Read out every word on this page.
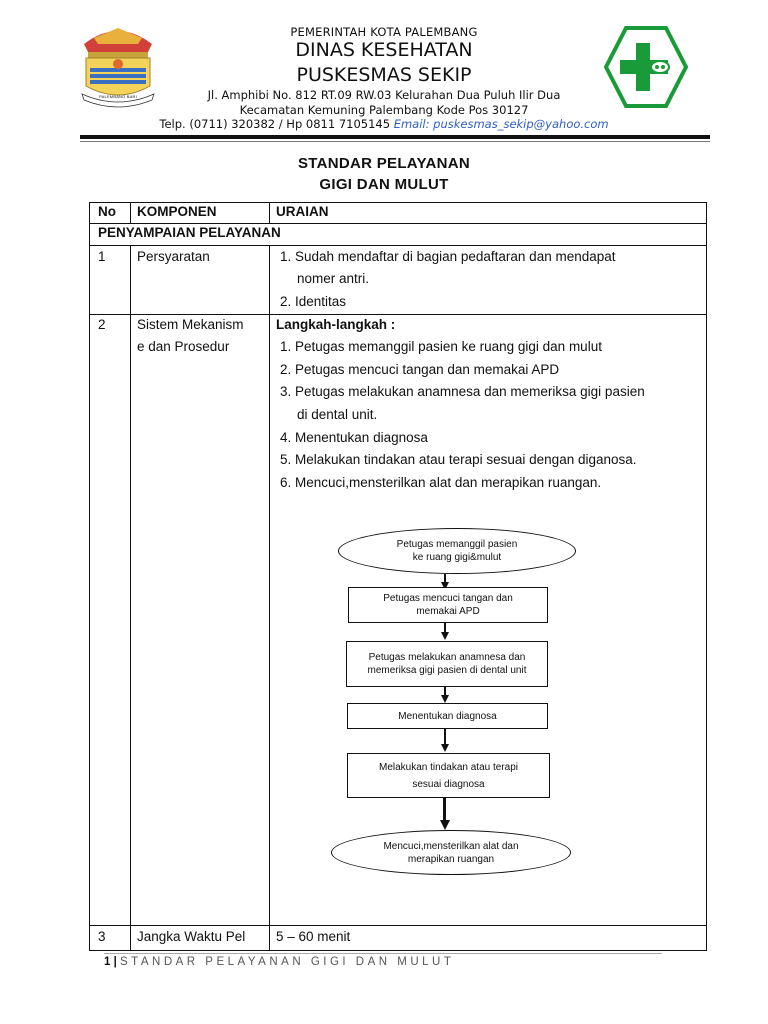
PALEMBANG BARI
PEMERINTAH KOTA PALEMBANG
DINAS KESEHATAN
PUSKESMAS SEKIP
Jl. Amphibi No. 812 RT.09 RW.03 Kelurahan Dua Puluh Ilir Dua
Kecamatan Kemuning Palembang Kode Pos 30127
Telp. (0711) 320382 / Hp 0811 7105145 Email: puskesmas_sekip@yahoo.com
STANDAR PELAYANAN
GIGI DAN MULUT
No KOMPONEN	URAIAN
PENYAMPAIAN PELAYANAN
1 Persyaratan	1. Sudah mendaftar di bagian pedaftaran dan mendapat
nomer antri.
2. Identitas
2 Sistem Mekanism
e dan Prosedur
Langkah-langkah :
1. Petugas memanggil pasien ke ruang gigi dan mulut
2. Petugas mencuci tangan dan memakai APD
3. Petugas melakukan anamnesa dan memeriksa gigi pasien
di dental unit.
4. Menentukan diagnosa
5. Melakukan tindakan atau terapi sesuai dengan diganosa.
6. Mencuci,mensterilkan alat dan merapikan ruangan.
3 Jangka Waktu Pel 5 – 60 menit
Petugas memanggil pasien
ke ruang gigi&mulut
Petugas mencuci tangan dan
memakai APD
Petugas melakukan anamnesa dan
memeriksa gigi pasien di dental unit
Menentukan diagnosa
Melakukan tindakan atau terapi
sesuai diagnosa
Mencuci,mensterilkan alat dan
merapikan ruangan
1 | STANDAR PELAYANAN GIGI DAN MULUT
